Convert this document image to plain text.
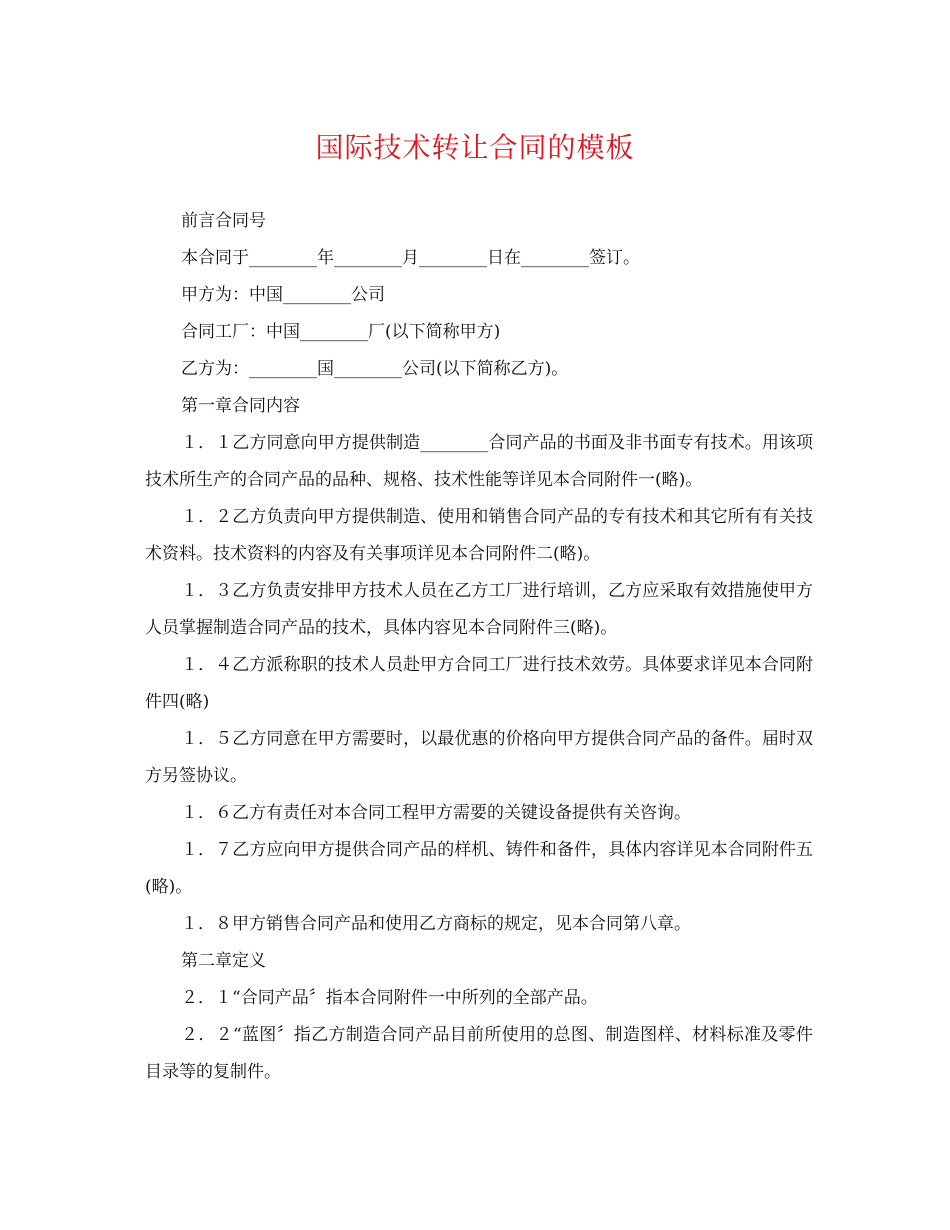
国际技术转让合同的模板

前言合同号

本合同于________年________月________日在________签订。

甲方为：中国________公司

合同工厂：中国________厂(以下简称甲方)

乙方为：________国________公司(以下简称乙方)。

第一章合同内容

１．１乙方同意向甲方提供制造________合同产品的书面及非书面专有技术。用该项技术所生产的合同产品的品种、规格、技术性能等详见本合同附件一(略)。

１．２乙方负责向甲方提供制造、使用和销售合同产品的专有技术和其它所有有关技术资料。技术资料的内容及有关事项详见本合同附件二(略)。

１．３乙方负责安排甲方技术人员在乙方工厂进行培训，乙方应采取有效措施使甲方人员掌握制造合同产品的技术，具体内容见本合同附件三(略)。

１．４乙方派称职的技术人员赴甲方合同工厂进行技术效劳。具体要求详见本合同附件四(略)

１．５乙方同意在甲方需要时，以最优惠的价格向甲方提供合同产品的备件。届时双方另签协议。

１．６乙方有责任对本合同工程甲方需要的关键设备提供有关咨询。

１．７乙方应向甲方提供合同产品的样机、铸件和备件，具体内容详见本合同附件五(略)。

１．８甲方销售合同产品和使用乙方商标的规定，见本合同第八章。

第二章定义

２．１“合同产品〞指本合同附件一中所列的全部产品。

２．２“蓝图〞指乙方制造合同产品目前所使用的总图、制造图样、材料标准及零件目录等的复制件。
